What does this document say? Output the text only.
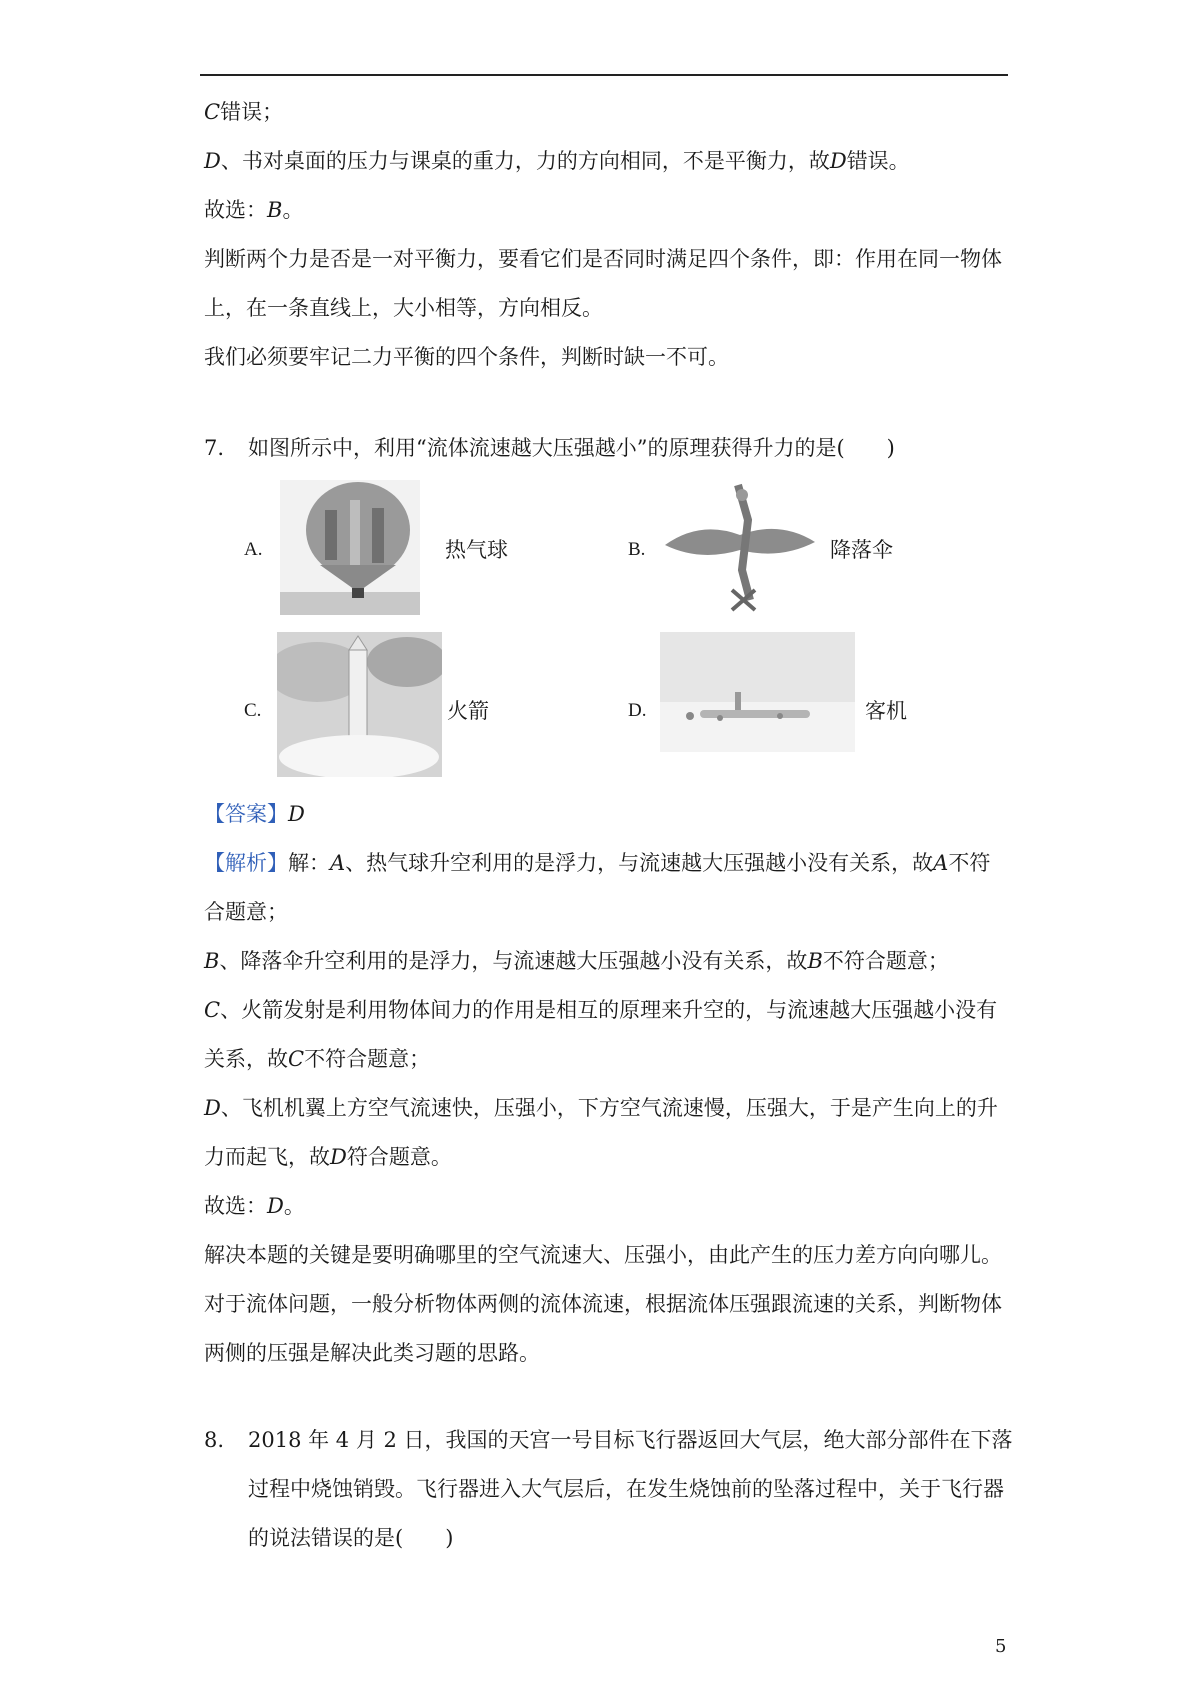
C错误；
D、书对桌面的压力与课桌的重力，力的方向相同，不是平衡力，故D错误。
故选：B。
判断两个力是否是一对平衡力，要看它们是否同时满足四个条件，即：作用在同一物体
上，在一条直线上，大小相等，方向相反。
我们必须要牢记二力平衡的四个条件，判断时缺一不可。
7. 如图所示中，利用“流体流速越大压强越小”的原理获得升力的是(　　)
A.	热气球	B.	降落伞
C.	火箭	D.	客机
【答案】D
【解析】解：A、热气球升空利用的是浮力，与流速越大压强越小没有关系，故A不符
合题意；
B、降落伞升空利用的是浮力，与流速越大压强越小没有关系，故B不符合题意；
C、火箭发射是利用物体间力的作用是相互的原理来升空的，与流速越大压强越小没有
关系，故C不符合题意；
D、飞机机翼上方空气流速快，压强小，下方空气流速慢，压强大，于是产生向上的升
力而起飞，故D符合题意。
故选：D。
解决本题的关键是要明确哪里的空气流速大、压强小，由此产生的压力差方向向哪儿。
对于流体问题，一般分析物体两侧的流体流速，根据流体压强跟流速的关系，判断物体
两侧的压强是解决此类习题的思路。
8. 2018 年 4 月 2 日，我国的天宫一号目标飞行器返回大气层，绝大部分部件在下落
过程中烧蚀销毁。飞行器进入大气层后，在发生烧蚀前的坠落过程中，关于飞行器
的说法错误的是(　　)
5
